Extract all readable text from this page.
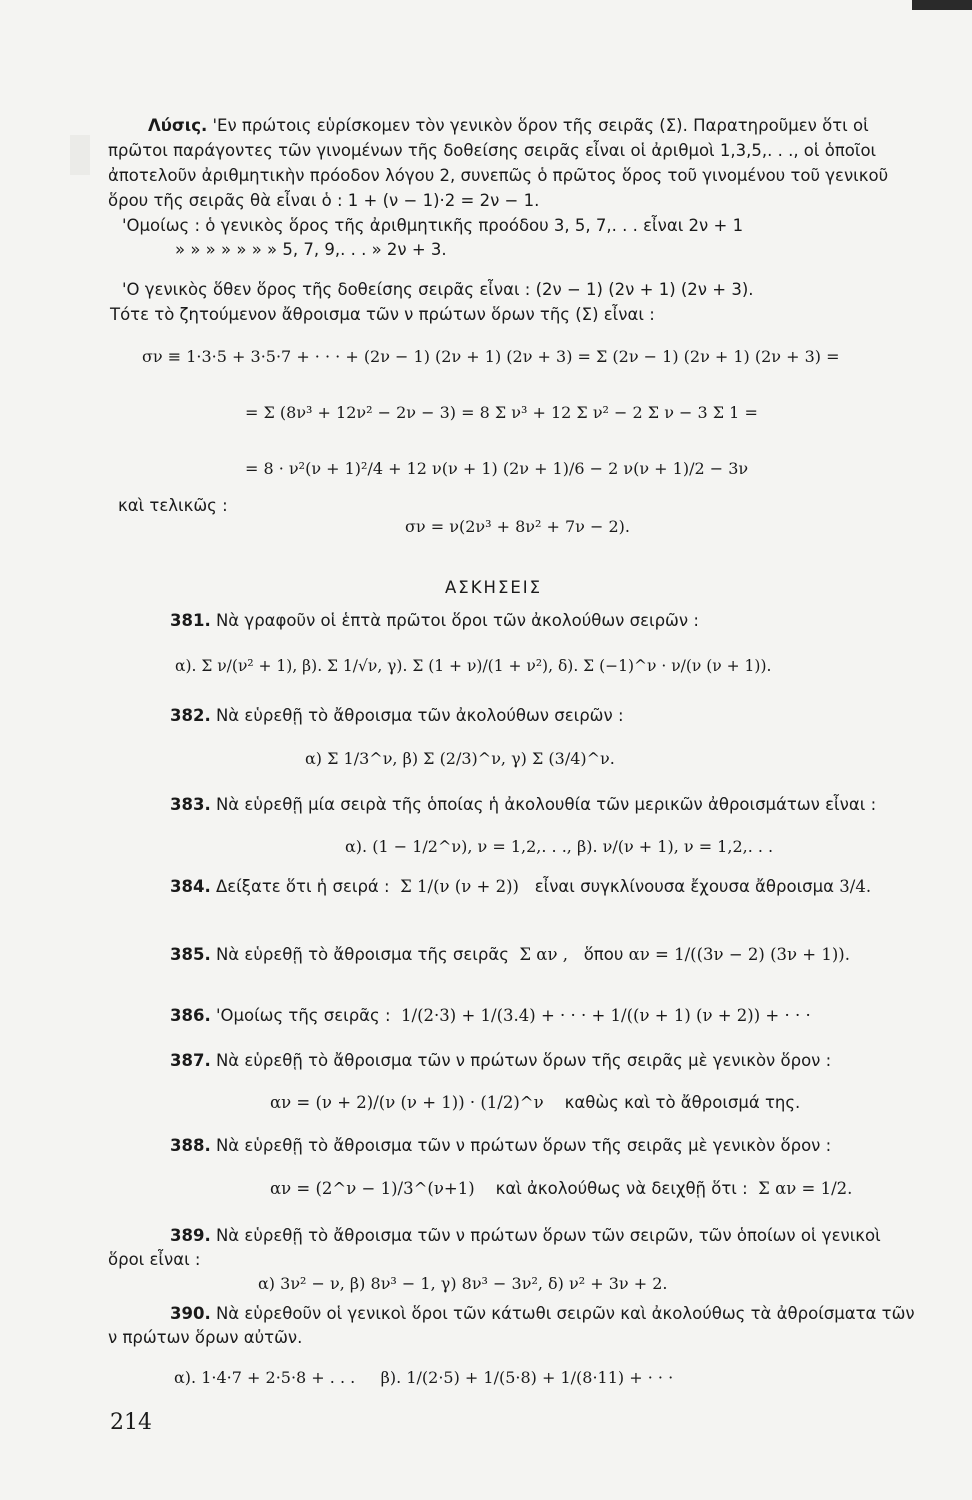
Λύσις. 'Εν πρώτοις εὑρίσκομεν τὸν γενικὸν ὅρον τῆς σειρᾶς (Σ). Παρατηροῦμεν ὅτι οἱ
πρῶτοι παράγοντες τῶν γινομένων τῆς δοθείσης σειρᾶς εἶναι οἱ ἀριθμοὶ 1,3,5,. . ., οἱ ὁποῖοι
ἀποτελοῦν ἀριθμητικὴν πρόοδον λόγου 2, συνεπῶς ὁ πρῶτος ὅρος τοῦ γινομένου τοῦ γενικοῦ
ὅρου τῆς σειρᾶς θὰ εἶναι ὁ : 1 + (ν − 1)·2 = 2ν − 1.
'Ομοίως : ὁ γενικὸς ὅρος τῆς ἀριθμητικῆς προόδου 3, 5, 7,. . . εἶναι 2ν + 1
» » » » » » » 5, 7, 9,. . . » 2ν + 3.
'Ο γενικὸς ὅθεν ὅρος τῆς δοθείσης σειρᾶς εἶναι : (2ν − 1) (2ν + 1) (2ν + 3).
Τότε τὸ ζητούμενον ἄθροισμα τῶν ν πρώτων ὅρων τῆς (Σ) εἶναι :
σν ≡ 1·3·5 + 3·5·7 + · · · + (2ν − 1) (2ν + 1) (2ν + 3) = Σ (2ν − 1) (2ν + 1) (2ν + 3) =
= Σ (8ν³ + 12ν² − 2ν − 3) = 8 Σ ν³ + 12 Σ ν² − 2 Σ ν − 3 Σ 1 =
= 8 · ν²(ν + 1)²/4 + 12 ν(ν + 1) (2ν + 1)/6 − 2 ν(ν + 1)/2 − 3ν
καὶ τελικῶς :
σν = ν(2ν³ + 8ν² + 7ν − 2).
ΑΣΚΗΣΕΙΣ
381. Νὰ γραφοῦν οἱ ἑπτὰ πρῶτοι ὅροι τῶν ἀκολούθων σειρῶν :
α). Σ ν/(ν² + 1), β). Σ 1/√ν, γ). Σ (1 + ν)/(1 + ν²), δ). Σ (−1)^ν · ν/(ν (ν + 1)).
382. Νὰ εὑρεθῇ τὸ ἄθροισμα τῶν ἀκολούθων σειρῶν :
α) Σ 1/3^ν, β) Σ (2/3)^ν, γ) Σ (3/4)^ν.
383. Νὰ εὑρεθῇ μία σειρὰ τῆς ὁποίας ἡ ἀκολουθία τῶν μερικῶν ἀθροισμάτων εἶναι :
α). (1 − 1/2^ν), ν = 1,2,. . ., β). ν/(ν + 1), ν = 1,2,. . .
384. Δείξατε ὅτι ἡ σειρά :  Σ 1/(ν (ν + 2))   εἶναι συγκλίνουσα ἔχουσα ἄθροισμα 3/4.
385. Νὰ εὑρεθῇ τὸ ἄθροισμα τῆς σειρᾶς  Σ αν ,   ὅπου αν = 1/((3ν − 2) (3ν + 1)).
386. 'Ομοίως τῆς σειρᾶς :  1/(2·3) + 1/(3.4) + · · · + 1/((ν + 1) (ν + 2)) + · · ·
387. Νὰ εὑρεθῇ τὸ ἄθροισμα τῶν ν πρώτων ὅρων τῆς σειρᾶς μὲ γενικὸν ὅρον :
αν = (ν + 2)/(ν (ν + 1)) · (1/2)^ν    καθὼς καὶ τὸ ἄθροισμά της.
388. Νὰ εὑρεθῇ τὸ ἄθροισμα τῶν ν πρώτων ὅρων τῆς σειρᾶς μὲ γενικὸν ὅρον :
αν = (2^ν − 1)/3^(ν+1)    καὶ ἀκολούθως νὰ δειχθῇ ὅτι :  Σ αν = 1/2.
389. Νὰ εὑρεθῇ τὸ ἄθροισμα τῶν ν πρώτων ὅρων τῶν σειρῶν, τῶν ὁποίων οἱ γενικοὶ
ὅροι εἶναι :
α) 3ν² − ν, β) 8ν³ − 1, γ) 8ν³ − 3ν², δ) ν² + 3ν + 2.
390. Νὰ εὑρεθοῦν οἱ γενικοὶ ὅροι τῶν κάτωθι σειρῶν καὶ ἀκολούθως τὰ ἀθροίσματα τῶν
ν πρώτων ὅρων αὐτῶν.
α). 1·4·7 + 2·5·8 + . . .     β). 1/(2·5) + 1/(5·8) + 1/(8·11) + · · ·
214
